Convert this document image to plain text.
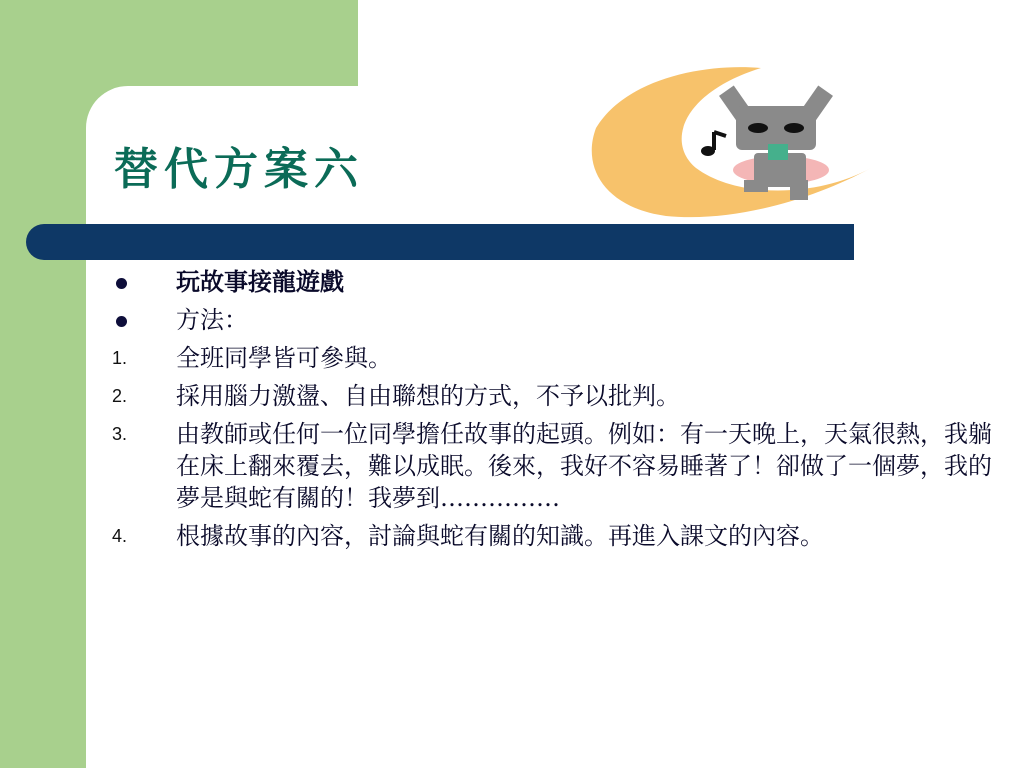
替代方案六
玩故事接龍遊戲
方法：
1. 全班同學皆可參與。
2. 採用腦力激盪、自由聯想的方式，不予以批判。
3. 由教師或任何一位同學擔任故事的起頭。例如：有一天晚上，天氣很熱，我躺在床上翻來覆去，難以成眠。後來，我好不容易睡著了！卻做了一個夢，我的夢是與蛇有關的！我夢到……………
4. 根據故事的內容，討論與蛇有關的知識。再進入課文的內容。
